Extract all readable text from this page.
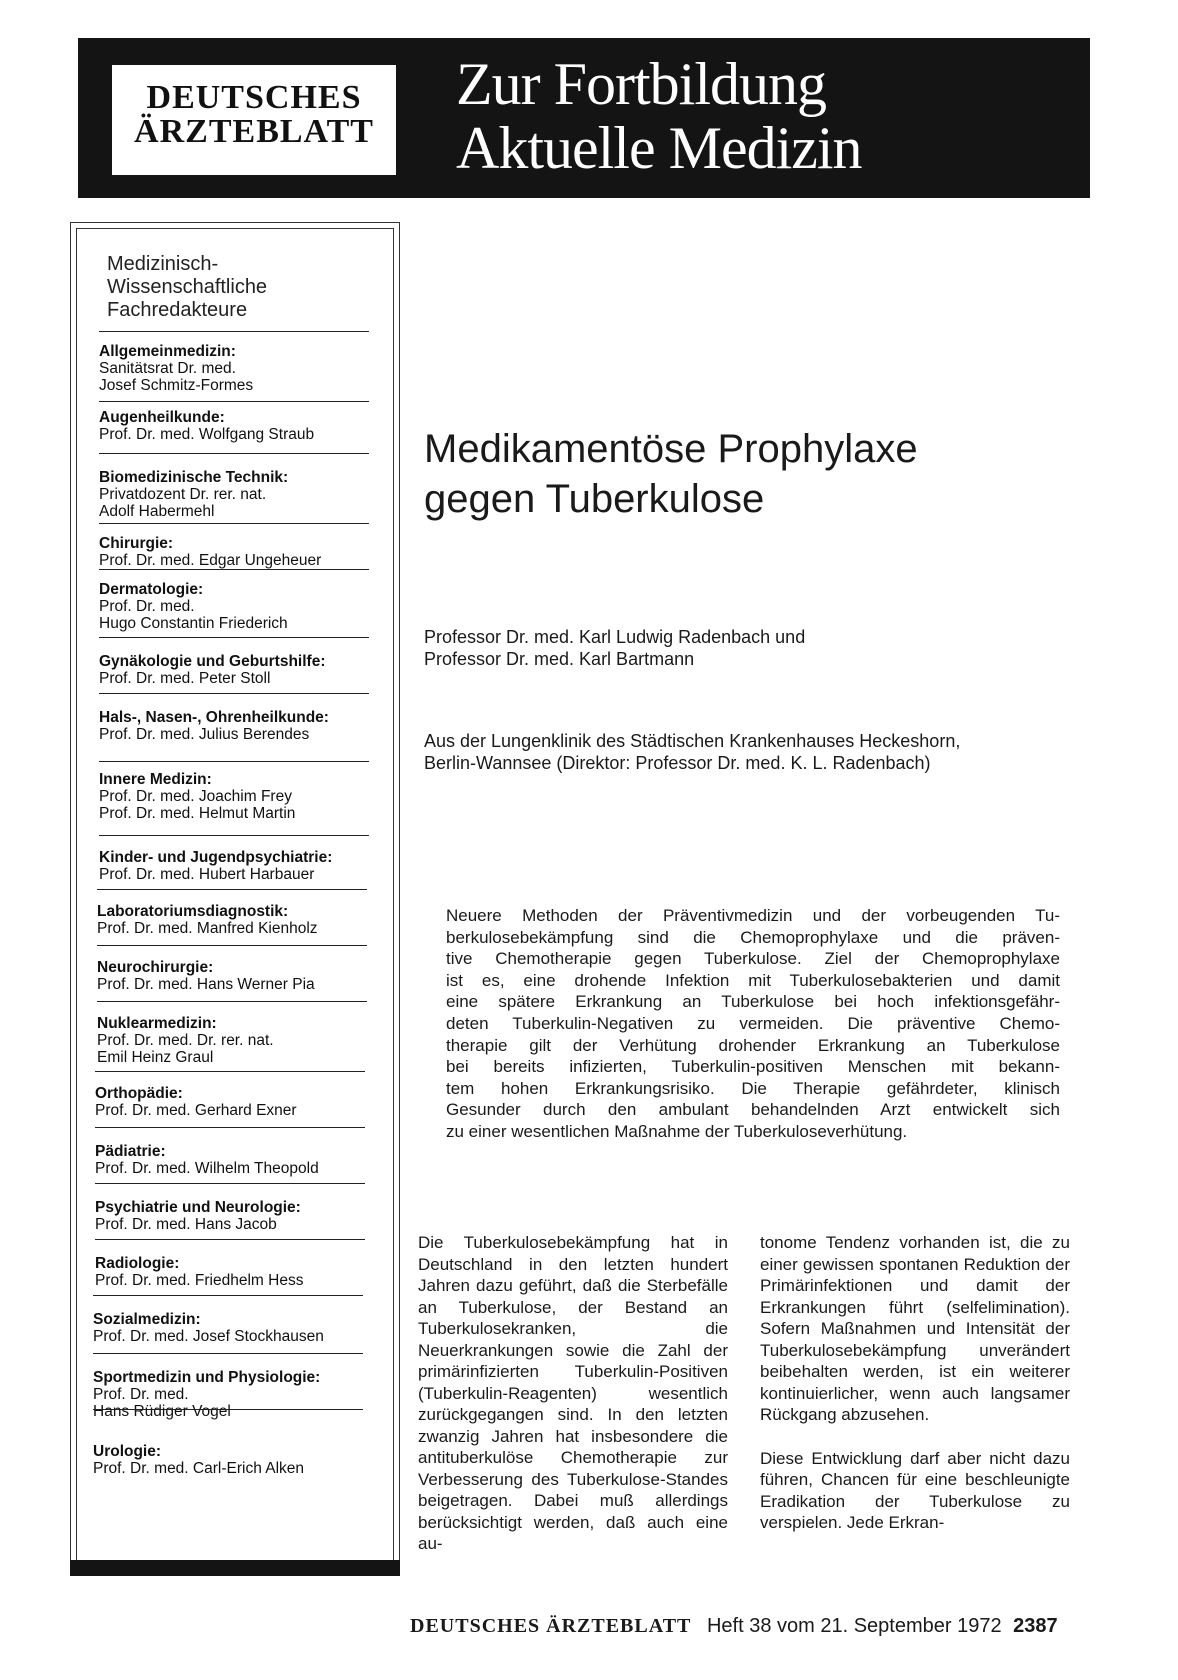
DEUTSCHES
ÄRZTEBLATT
Zur Fortbildung
Aktuelle Medizin
Medizinisch-
Wissenschaftliche
Fachredakteure
Allgemeinmedizin:
Sanitätsrat Dr. med.
Josef Schmitz-Formes
Augenheilkunde:
Prof. Dr. med. Wolfgang Straub
Biomedizinische Technik:
Privatdozent Dr. rer. nat.
Adolf Habermehl
Chirurgie:
Prof. Dr. med. Edgar Ungeheuer
Dermatologie:
Prof. Dr. med.
Hugo Constantin Friederich
Gynäkologie und Geburtshilfe:
Prof. Dr. med. Peter Stoll
Hals-, Nasen-, Ohrenheilkunde:
Prof. Dr. med. Julius Berendes
Innere Medizin:
Prof. Dr. med. Joachim Frey
Prof. Dr. med. Helmut Martin
Kinder- und Jugendpsychiatrie:
Prof. Dr. med. Hubert Harbauer
Laboratoriumsdiagnostik:
Prof. Dr. med. Manfred Kienholz
Neurochirurgie:
Prof. Dr. med. Hans Werner Pia
Nuklearmedizin:
Prof. Dr. med. Dr. rer. nat.
Emil Heinz Graul
Orthopädie:
Prof. Dr. med. Gerhard Exner
Pädiatrie:
Prof. Dr. med. Wilhelm Theopold
Psychiatrie und Neurologie:
Prof. Dr. med. Hans Jacob
Radiologie:
Prof. Dr. med. Friedhelm Hess
Sozialmedizin:
Prof. Dr. med. Josef Stockhausen
Sportmedizin und Physiologie:
Prof. Dr. med.
Hans Rüdiger Vogel
Urologie:
Prof. Dr. med. Carl-Erich Alken
Medikamentöse Prophylaxe
gegen Tuberkulose
Professor Dr. med. Karl Ludwig Radenbach und
Professor Dr. med. Karl Bartmann
Aus der Lungenklinik des Städtischen Krankenhauses Heckeshorn,
Berlin-Wannsee (Direktor: Professor Dr. med. K. L. Radenbach)
Neuere Methoden der Präventivmedizin und der vorbeugenden Tu-
berkulosebekämpfung sind die Chemoprophylaxe und die präven-
tive Chemotherapie gegen Tuberkulose. Ziel der Chemoprophylaxe
ist es, eine drohende Infektion mit Tuberkulosebakterien und damit
eine spätere Erkrankung an Tuberkulose bei hoch infektionsgefähr-
deten Tuberkulin-Negativen zu vermeiden. Die präventive Chemo-
therapie gilt der Verhütung drohender Erkrankung an Tuberkulose
bei bereits infizierten, Tuberkulin-positiven Menschen mit bekann-
tem hohen Erkrankungsrisiko. Die Therapie gefährdeter, klinisch
Gesunder durch den ambulant behandelnden Arzt entwickelt sich
zu einer wesentlichen Maßnahme der Tuberkuloseverhütung.

Die Tuberkulosebekämpfung hat in Deutschland in den letzten hundert Jahren dazu geführt, daß die Sterbefälle an Tuberkulose, der Bestand an Tuberkulosekranken, die Neuerkrankungen sowie die Zahl der primärinfizierten Tuberkulin-Positiven (Tuberkulin-Reagenten) wesentlich zurückgegangen sind. In den letzten zwanzig Jahren hat insbesondere die antituberkulöse Chemotherapie zur Verbesserung des Tuberkulose-Standes beigetragen. Dabei muß allerdings berücksichtigt werden, daß auch eine au-

tonome Tendenz vorhanden ist, die zu einer gewissen spontanen Reduktion der Primärinfektionen und damit der Erkrankungen führt (selfelimination). Sofern Maßnahmen und Intensität der Tuberkulosebekämpfung unverändert beibehalten werden, ist ein weiterer kontinuierlicher, wenn auch langsamer Rückgang abzusehen.

Diese Entwicklung darf aber nicht dazu führen, Chancen für eine beschleunigte Eradikation der Tuberkulose zu verspielen. Jede Erkran-

DEUTSCHES ÄRZTEBLATT Heft 38 vom 21. September 1972 2387
